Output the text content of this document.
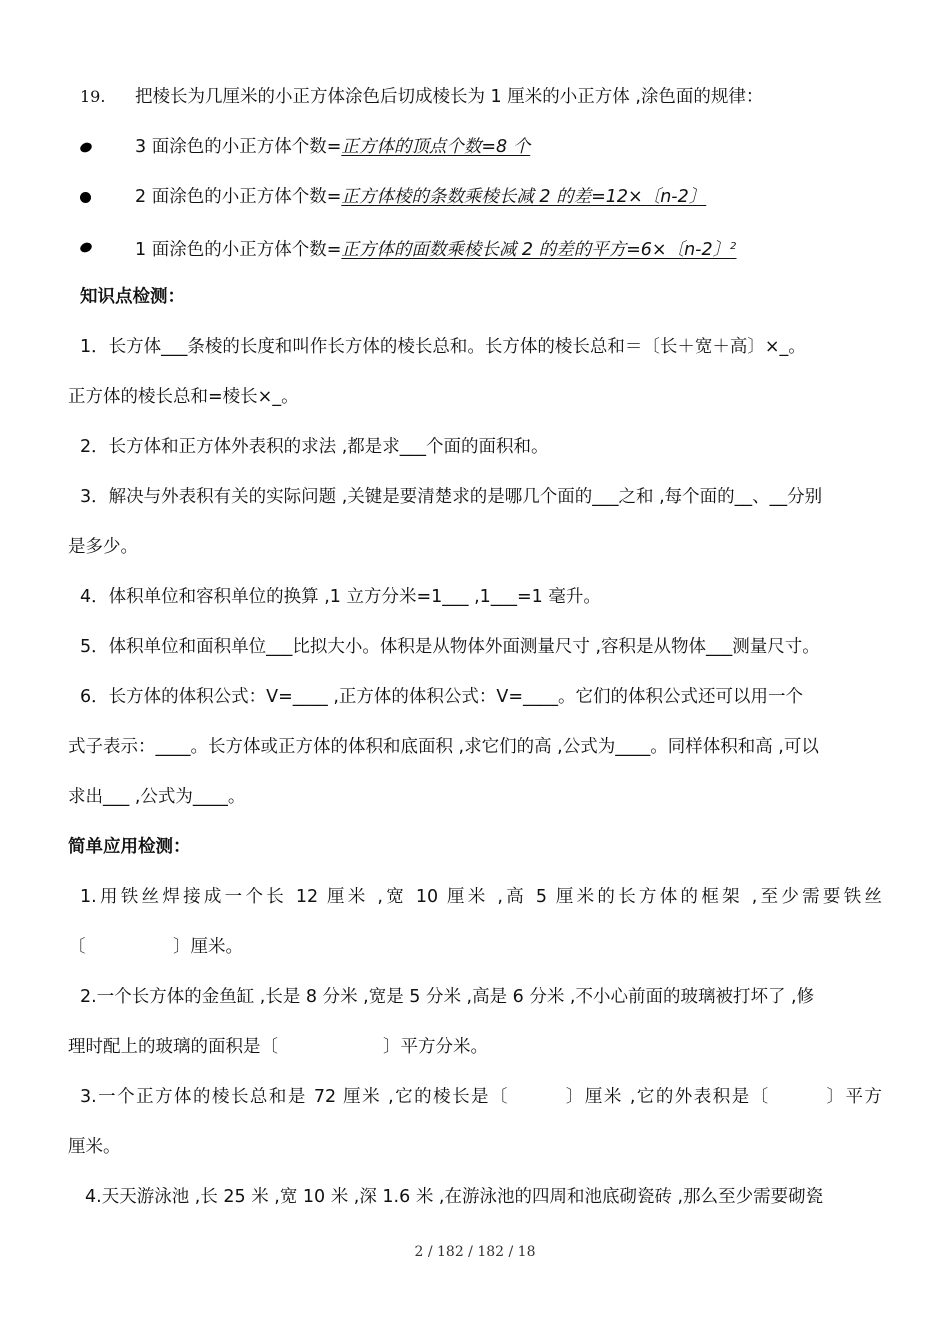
19. 把棱长为几厘米的小正方体涂色后切成棱长为 1 厘米的小正方体 ,涂色面的规律：
3 面涂色的小正方体个数=正方体的顶点个数=8 个
2 面涂色的小正方体个数=正方体棱的条数乘棱长减 2 的差=12×〔n-2〕
1 面涂色的小正方体个数=正方体的面数乘棱长减 2 的差的平方=6×〔n-2〕$^2$
知识点检测：
1．长方体___条棱的长度和叫作长方体的棱长总和。长方体的棱长总和＝〔长＋宽＋高〕×_。
正方体的棱长总和=棱长×_。
2．长方体和正方体外表积的求法 ,都是求___个面的面积和。
3．解决与外表积有关的实际问题 ,关键是要清楚求的是哪几个面的___之和 ,每个面的__、__分别
是多少。
4．体积单位和容积单位的换算 ,1 立方分米=1___ ,1___=1 毫升。
5．体积单位和面积单位___比拟大小。体积是从物体外面测量尺寸 ,容积是从物体___测量尺寸。
6．长方体的体积公式：V=____ ,正方体的体积公式：V=____。它们的体积公式还可以用一个
式子表示：____。长方体或正方体的体积和底面积 ,求它们的高 ,公式为____。同样体积和高 ,可以
求出___ ,公式为____。
简单应用检测：
1.用铁丝焊接成一个长 12 厘米 ,宽 10 厘米 ,高 5 厘米的长方体的框架 ,至少需要铁丝
〔　　　　　〕厘米。
2.一个长方体的金鱼缸 ,长是 8 分米 ,宽是 5 分米 ,高是 6 分米 ,不小心前面的玻璃被打坏了 ,修
理时配上的玻璃的面积是〔　　　　　　〕平方分米。
3.一个正方体的棱长总和是 72 厘米 ,它的棱长是〔　　　〕厘米 ,它的外表积是〔　　　〕平方
厘米。
4.天天游泳池 ,长 25 米 ,宽 10 米 ,深 1.6 米 ,在游泳池的四周和池底砌瓷砖 ,那么至少需要砌瓷
2 / 182 / 182 / 18
